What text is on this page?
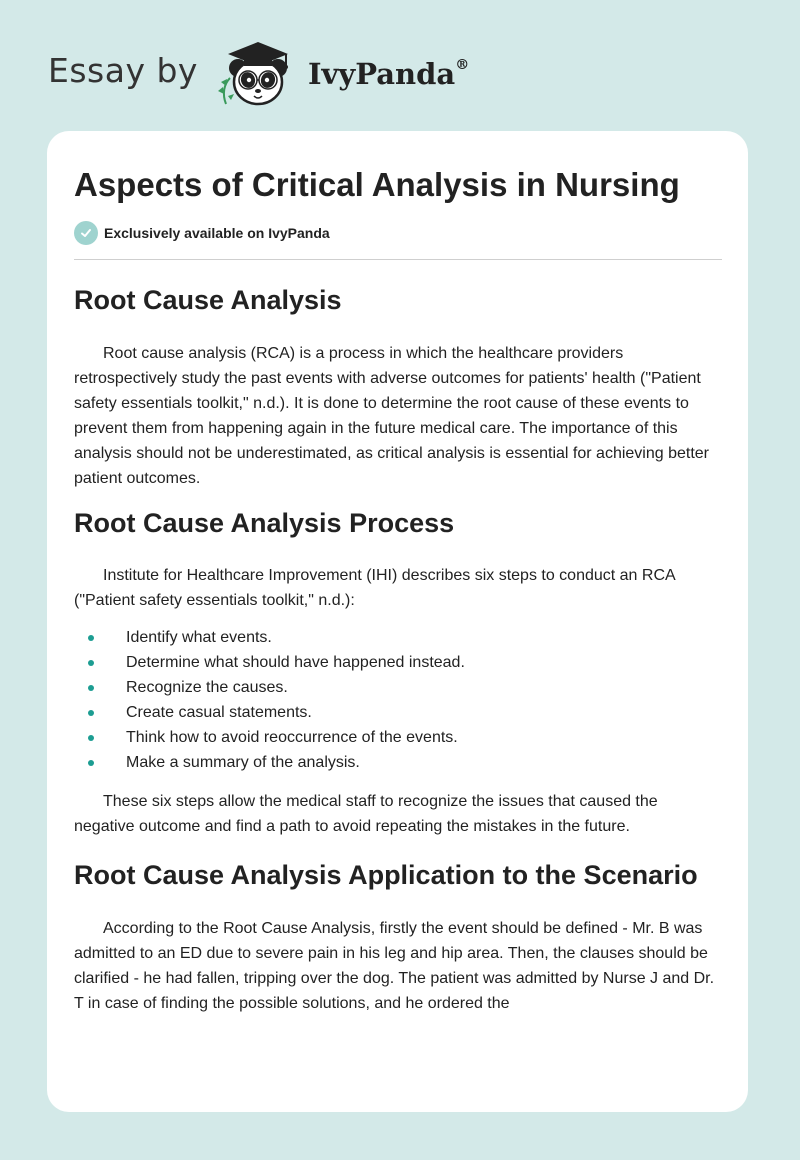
Essay by	IvyPanda®
Aspects of Critical Analysis in Nursing
Exclusively available on IvyPanda
Root Cause Analysis

Root cause analysis (RCA) is a process in which the healthcare providers retrospectively study the past events with adverse outcomes for patients' health ("Patient safety essentials toolkit," n.d.). It is done to determine the root cause of these events to prevent them from happening again in the future medical care. The importance of this analysis should not be underestimated, as critical analysis is essential for achieving better patient outcomes.

Root Cause Analysis Process

Institute for Healthcare Improvement (IHI) describes six steps to conduct an RCA ("Patient safety essentials toolkit," n.d.):

Identify what events.
Determine what should have happened instead.
Recognize the causes.
Create casual statements.
Think how to avoid reoccurrence of the events.
Make a summary of the analysis.

These six steps allow the medical staff to recognize the issues that caused the negative outcome and find a path to avoid repeating the mistakes in the future.

Root Cause Analysis Application to the Scenario

According to the Root Cause Analysis, firstly the event should be defined - Mr. B was admitted to an ED due to severe pain in his leg and hip area. Then, the clauses should be clarified - he had fallen, tripping over the dog. The patient was admitted by Nurse J and Dr. T in case of finding the possible solutions, and he ordered the
